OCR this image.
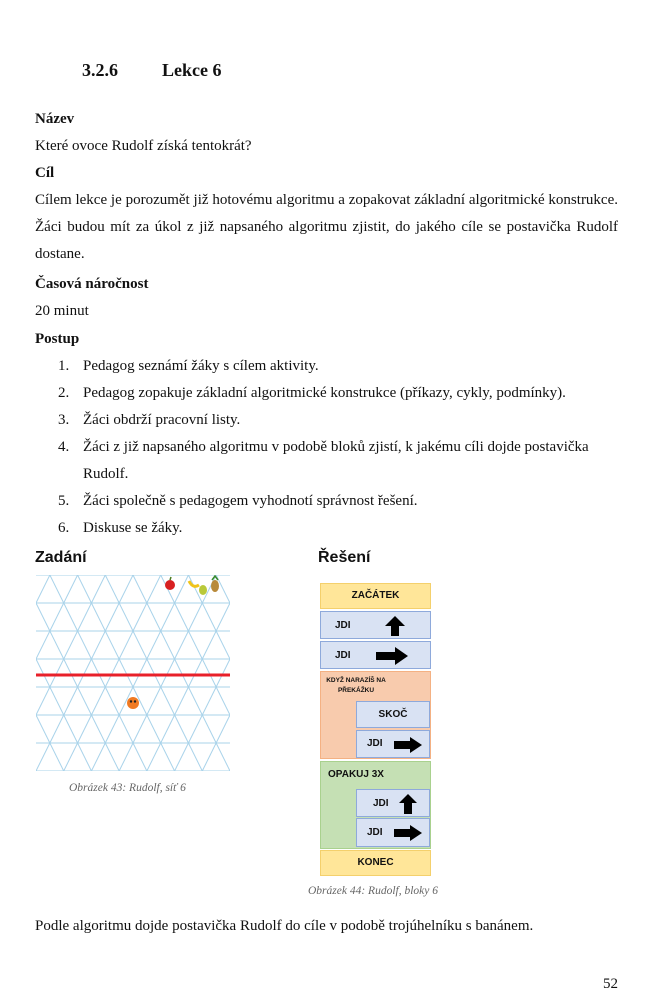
3.2.6 Lekce 6
Název
Které ovoce Rudolf získá tentokrát?
Cíl
Cílem lekce je porozumět již hotovému algoritmu a zopakovat základní algoritmické konstrukce. Žáci budou mít za úkol z již napsaného algoritmu zjistit, do jakého cíle se postavička Rudolf dostane.
Časová náročnost
20 minut
Postup
1. Pedagog seznámí žáky s cílem aktivity.
2. Pedagog zopakuje základní algoritmické konstrukce (příkazy, cykly, podmínky).
3. Žáci obdrží pracovní listy.
4. Žáci z již napsaného algoritmu v podobě bloků zjistí, k jakému cíli dojde postavička Rudolf.
5. Žáci společně s pedagogem vyhodnotí správnost řešení.
6. Diskuse se žáky.
Zadání	Řešení
Obrázek 43: Rudolf, síť 6
ZAČÁTEK
JDI
JDI
KDYŽ NARAZÍŠ NA
PŘEKÁŽKU
SKOČ
JDI
OPAKUJ 3X
JDI
JDI
KONEC
Obrázek 44: Rudolf, bloky 6
Podle algoritmu dojde postavička Rudolf do cíle v podobě trojúhelníku s banánem.
52
